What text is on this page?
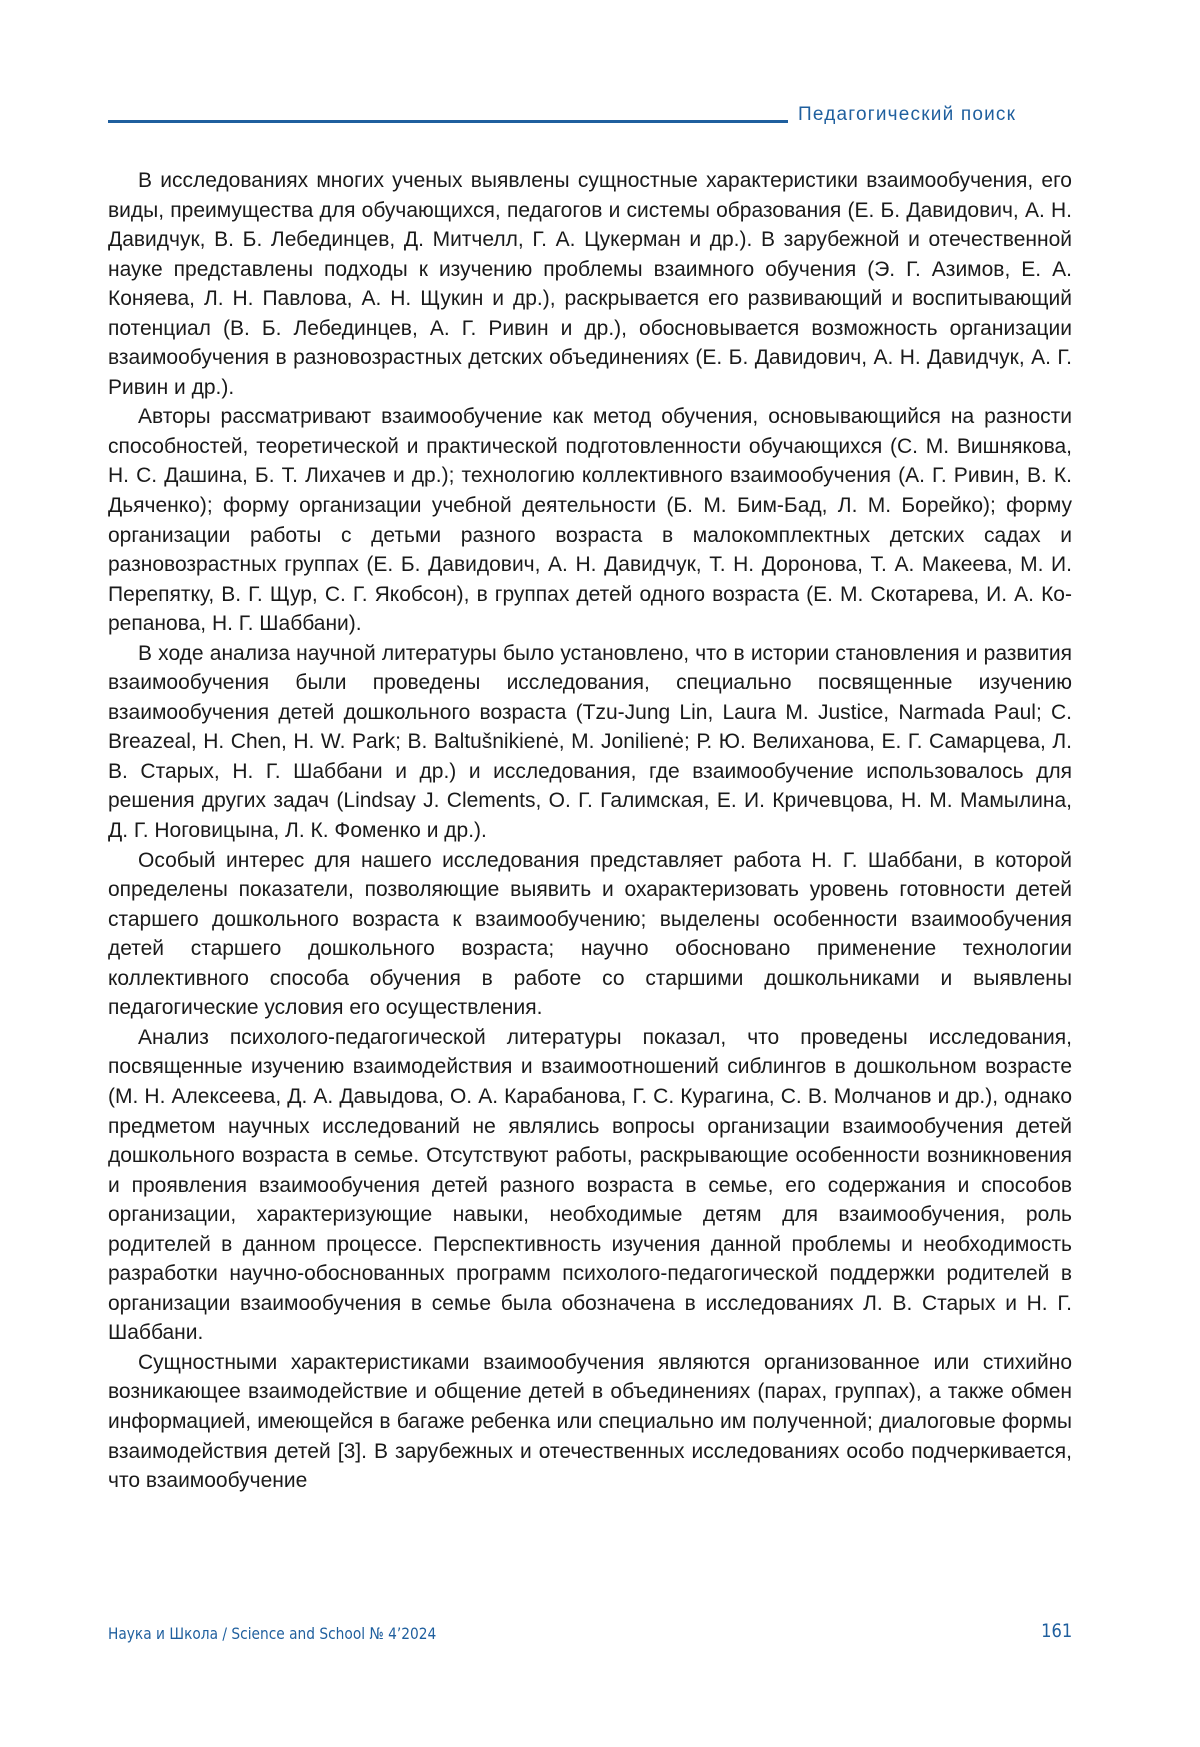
Педагогический поиск

В исследованиях многих ученых выявлены сущностные характеристики взаимообучения, его виды, преимущества для обучающихся, педагогов и системы образования (Е. Б. Давидович, А. Н. Давидчук, В. Б. Лебединцев, Д. Митчелл, Г. А. Цукерман и др.). В зарубежной и отечественной науке представлены подходы к изучению проблемы взаимного обучения (Э. Г. Азимов, Е. А. Коняева, Л. Н. Павлова, А. Н. Щукин и др.), раскрывается его развивающий и воспитывающий потенциал (В. Б. Лебединцев, А. Г. Ривин и др.), обосновывается возможность организации взаимообучения в разновозрастных детских объединениях (Е. Б. Давидович, А. Н. Давидчук, А. Г. Ривин и др.).

Авторы рассматривают взаимообучение как метод обучения, основывающийся на разности способностей, теоретической и практической подготовленности обучающихся (С. М. Вишнякова, Н. С. Дашина, Б. Т. Лихачев и др.); технологию коллективного взаимообучения (А. Г. Ривин, В. К. Дьяченко); форму организации учебной деятельности (Б. М. Бим-Бад, Л. М. Борейко); форму организации работы с детьми разного возраста в малокомплектных детских садах и разновозрастных группах (Е. Б. Давидович, А. Н. Давидчук, Т. Н. Доронова, Т. А. Макеева, М. И. Перепятку, В. Г. Щур, С. Г. Якобсон), в группах детей одного возраста (Е. М. Скотарева, И. А. Корепанова, Н. Г. Шаббани).

В ходе анализа научной литературы было установлено, что в истории становления и развития взаимообучения были проведены исследования, специально посвященные изучению взаимообучения детей дошкольного возраста (Tzu-Jung Lin, Laura M. Justice, Narmada Paul; C. Breazeal, H. Chen, H. W. Park; B. Baltušnikienė, M. Jonilienė; Р. Ю. Велиханова, Е. Г. Самарцева, Л. В. Старых, Н. Г. Шаббани и др.) и исследования, где взаимообучение использовалось для решения других задач (Lindsay J. Clements, О. Г. Галимская, Е. И. Кричевцова, Н. М. Мамылина, Д. Г. Ноговицына, Л. К. Фоменко и др.).

Особый интерес для нашего исследования представляет работа Н. Г. Шаббани, в которой определены показатели, позволяющие выявить и охарактеризовать уровень готовности детей старшего дошкольного возраста к взаимообучению; выделены особенности взаимообучения детей старшего дошкольного возраста; научно обосновано применение технологии коллективного способа обучения в работе со старшими дошкольниками и выявлены педагогические условия его осуществления.

Анализ психолого-педагогической литературы показал, что проведены исследования, посвященные изучению взаимодействия и взаимоотношений сиблингов в дошкольном возрасте (М. Н. Алексеева, Д. А. Давыдова, О. А. Карабанова, Г. С. Курагина, С. В. Молчанов и др.), однако предметом научных исследований не являлись вопросы организации взаимообучения детей дошкольного возраста в семье. Отсутствуют работы, раскрывающие особенности возникновения и проявления взаимообучения детей разного возраста в семье, его содержания и способов организации, характеризующие навыки, необходимые детям для взаимообучения, роль родителей в данном процессе. Перспективность изучения данной проблемы и необходимость разработки научно-обоснованных программ психолого-педагогической поддержки родителей в организации взаимообучения в семье была обозначена в исследованиях Л. В. Старых и Н. Г. Шаббани.

Сущностными характеристиками взаимообучения являются организованное или стихийно возникающее взаимодействие и общение детей в объединениях (парах, группах), а также обмен информацией, имеющейся в багаже ребенка или специально им полученной; диалоговые формы взаимодействия детей [3]. В зарубежных и отечественных исследованиях особо подчеркивается, что взаимообучение

Наука и Школа / Science and School № 4’2024	161
